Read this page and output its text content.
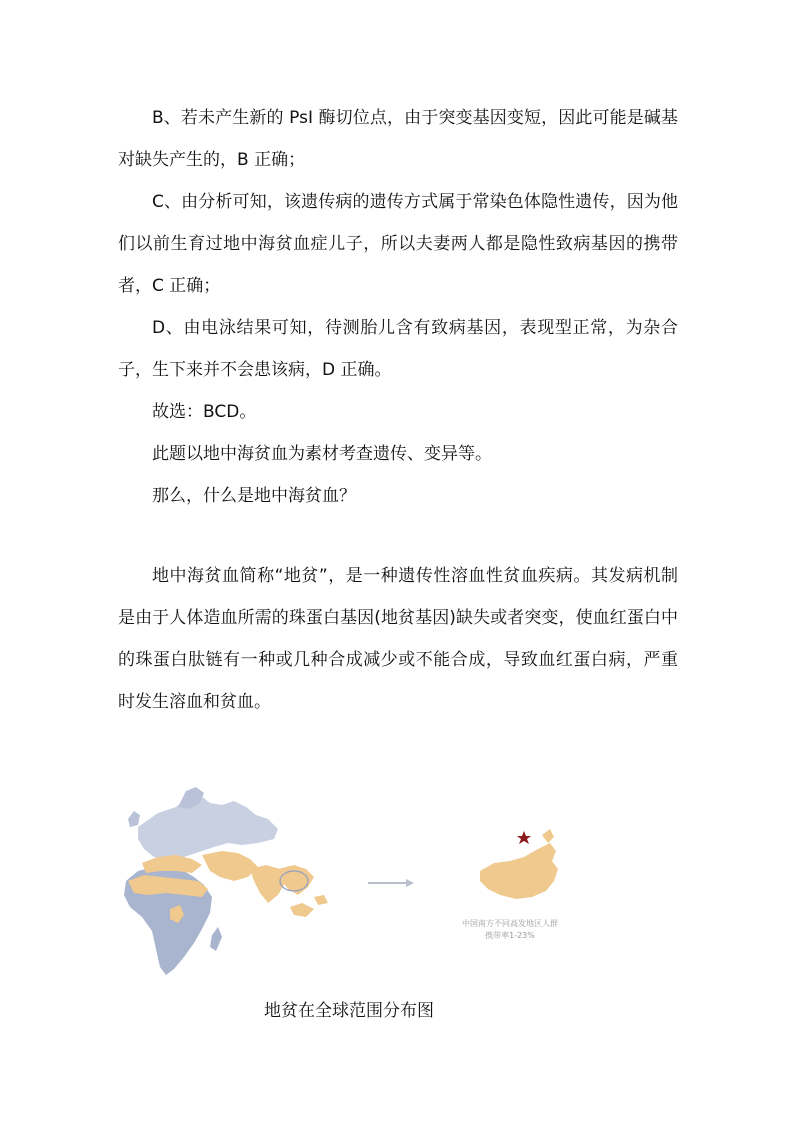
B、若未产生新的 PsI 酶切位点，由于突变基因变短，因此可能是碱基对缺失产生的，B 正确；

C、由分析可知，该遗传病的遗传方式属于常染色体隐性遗传，因为他们以前生育过地中海贫血症儿子，所以夫妻两人都是隐性致病基因的携带者，C 正确；

D、由电泳结果可知，待测胎儿含有致病基因，表现型正常，为杂合子，生下来并不会患该病，D 正确。

故选：BCD。

此题以地中海贫血为素材考查遗传、变异等。

那么，什么是地中海贫血？

地中海贫血简称“地贫”，是一种遗传性溶血性贫血疾病。其发病机制是由于人体造血所需的珠蛋白基因(地贫基因)缺失或者突变，使血红蛋白中的珠蛋白肽链有一种或几种合成减少或不能合成，导致血红蛋白病，严重时发生溶血和贫血。

中国南方不同高发地区人群
携带率1-23%
地贫在全球范围分布图
